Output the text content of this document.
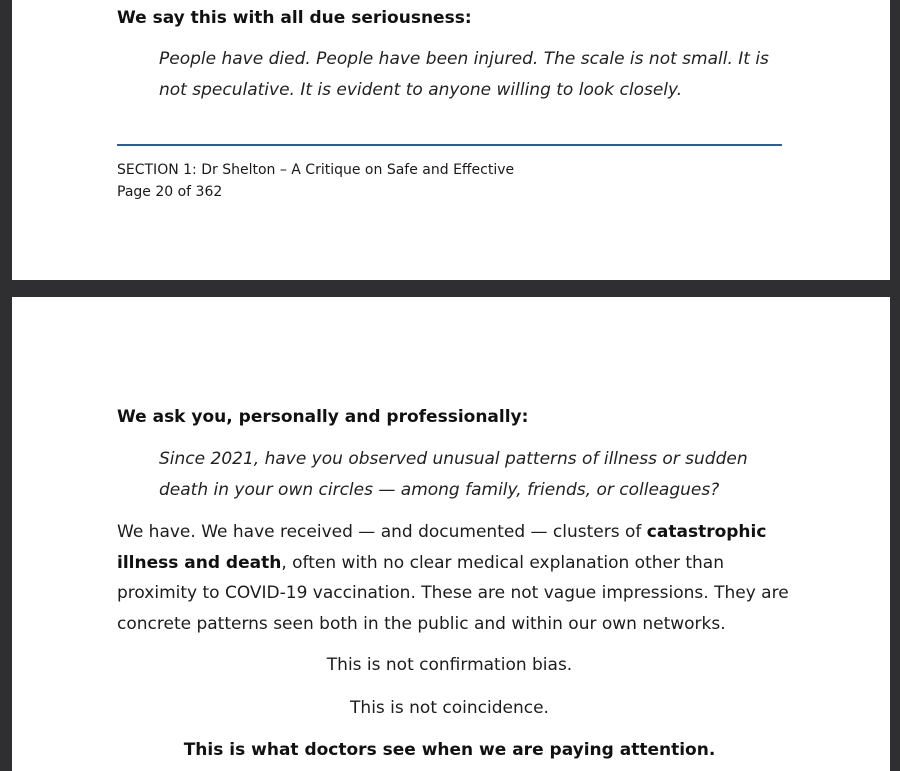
We say this with all due seriousness:
People have died. People have been injured. The scale is not small. It is not speculative. It is evident to anyone willing to look closely.
SECTION 1: Dr Shelton – A Critique on Safe and Effective
Page 20 of 362
We ask you, personally and professionally:
Since 2021, have you observed unusual patterns of illness or sudden death in your own circles — among family, friends, or colleagues?
We have. We have received — and documented — clusters of catastrophic illness and death, often with no clear medical explanation other than proximity to COVID-19 vaccination. These are not vague impressions. They are concrete patterns seen both in the public and within our own networks.
This is not confirmation bias.
This is not coincidence.
This is what doctors see when we are paying attention.
